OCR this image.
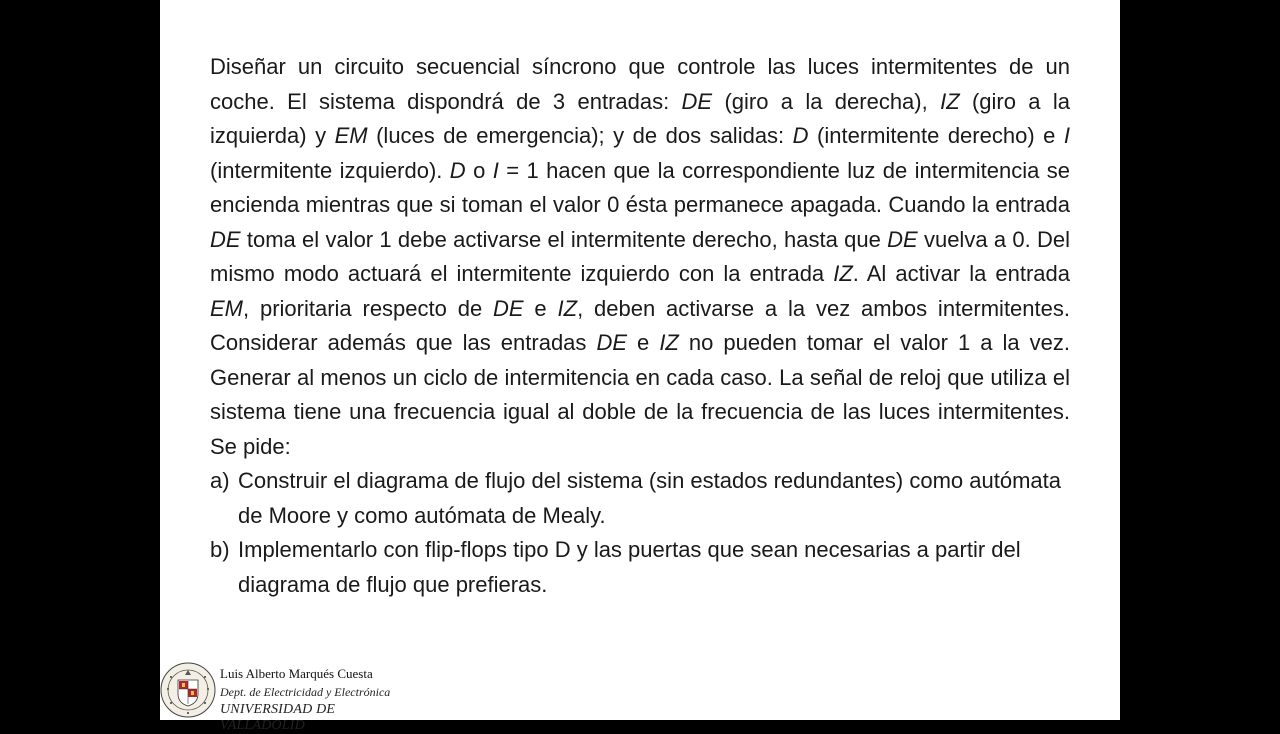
Diseñar un circuito secuencial síncrono que controle las luces intermitentes de un coche. El sistema dispondrá de 3 entradas: DE (giro a la derecha), IZ (giro a la izquierda) y EM (luces de emergencia); y de dos salidas: D (intermitente derecho) e I (intermitente izquierdo). D o I = 1 hacen que la correspondiente luz de intermitencia se encienda mientras que si toman el valor 0 ésta permanece apagada. Cuando la entrada DE toma el valor 1 debe activarse el intermitente derecho, hasta que DE vuelva a 0. Del mismo modo actuará el intermitente izquierdo con la entrada IZ. Al activar la entrada EM, prioritaria respecto de DE e IZ, deben activarse a la vez ambos intermitentes. Considerar además que las entradas DE e IZ no pueden tomar el valor 1 a la vez. Generar al menos un ciclo de intermitencia en cada caso. La señal de reloj que utiliza el sistema tiene una frecuencia igual al doble de la frecuencia de las luces intermitentes. Se pide:

a) Construir el diagrama de flujo del sistema (sin estados redundantes) como autómata de Moore y como autómata de Mealy.
b) Implementarlo con flip-flops tipo D y las puertas que sean necesarias a partir del diagrama de flujo que prefieras.
Luis Alberto Marqués Cuesta
Dept. de Electricidad y Electrónica
UNIVERSIDAD DE VALLADOLID
